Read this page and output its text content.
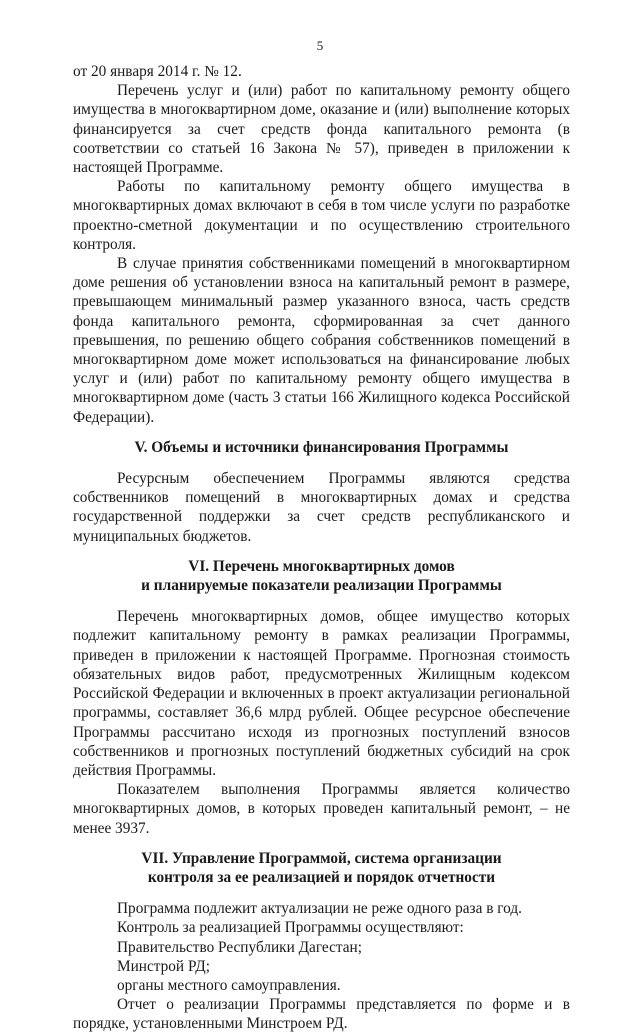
5

от 20 января 2014 г. № 12.

Перечень услуг и (или) работ по капитальному ремонту общего имущества в многоквартирном доме, оказание и (или) выполнение которых финансируется за счет средств фонда капитального ремонта (в соответствии со статьей 16 Закона № 57), приведен в приложении к настоящей Программе.

Работы по капитальному ремонту общего имущества в многоквартирных домах включают в себя в том числе услуги по разработке проектно-сметной документации и по осуществлению строительного контроля.

В случае принятия собственниками помещений в многоквартирном доме решения об установлении взноса на капитальный ремонт в размере, превышающем минимальный размер указанного взноса, часть средств фонда капитального ремонта, сформированная за счет данного превышения, по решению общего собрания собственников помещений в многоквартирном доме может использоваться на финансирование любых услуг и (или) работ по капитальному ремонту общего имущества в многоквартирном доме (часть 3 статьи 166 Жилищного кодекса Российской Федерации).

V. Объемы и источники финансирования Программы

Ресурсным обеспечением Программы являются средства собственников помещений в многоквартирных домах и средства государственной поддержки за счет средств республиканского и муниципальных бюджетов.

VI. Перечень многоквартирных домов
и планируемые показатели реализации Программы

Перечень многоквартирных домов, общее имущество которых подлежит капитальному ремонту в рамках реализации Программы, приведен в приложении к настоящей Программе. Прогнозная стоимость обязательных видов работ, предусмотренных Жилищным кодексом Российской Федерации и включенных в проект актуализации региональной программы, составляет 36,6 млрд рублей. Общее ресурсное обеспечение Программы рассчитано исходя из прогнозных поступлений взносов собственников и прогнозных поступлений бюджетных субсидий на срок действия Программы.

Показателем выполнения Программы является количество многоквартирных домов, в которых проведен капитальный ремонт, – не менее 3937.

VII. Управление Программой, система организации
контроля за ее реализацией и порядок отчетности

Программа подлежит актуализации не реже одного раза в год.

Контроль за реализацией Программы осуществляют:

Правительство Республики Дагестан;

Минстрой РД;

органы местного самоуправления.

Отчет о реализации Программы представляется по форме и в порядке, установленными Минстроем РД.
